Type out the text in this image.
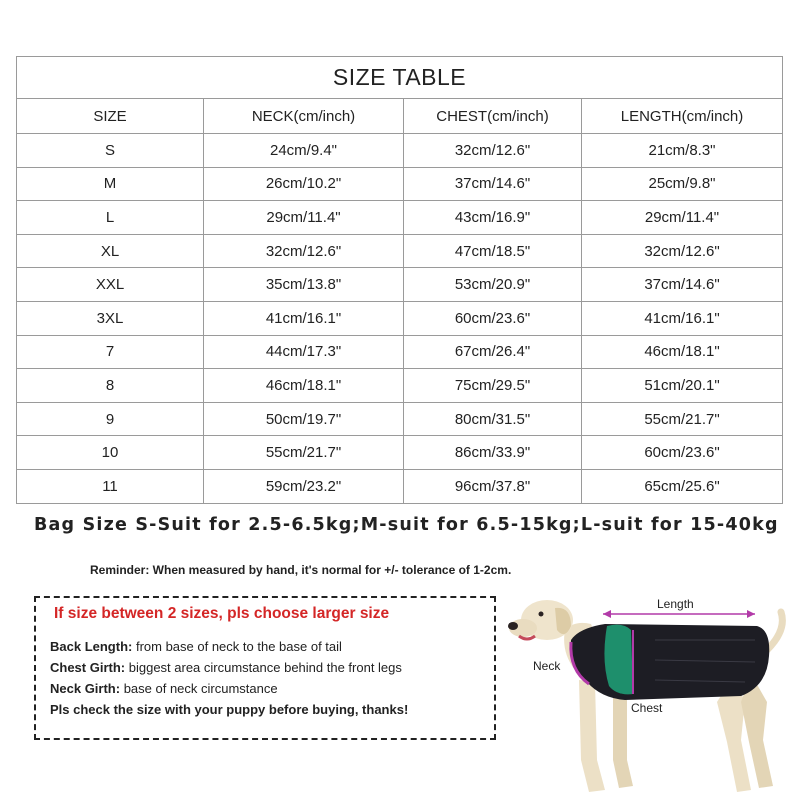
SIZE TABLE			
SIZE	NECK(cm/inch)	CHEST(cm/inch)	LENGTH(cm/inch)
S	24cm/9.4"	32cm/12.6"	21cm/8.3"
M	26cm/10.2"	37cm/14.6"	25cm/9.8"
L	29cm/11.4"	43cm/16.9"	29cm/11.4"
XL	32cm/12.6"	47cm/18.5"	32cm/12.6"
XXL	35cm/13.8"	53cm/20.9"	37cm/14.6"
3XL	41cm/16.1"	60cm/23.6"	41cm/16.1"
7	44cm/17.3"	67cm/26.4"	46cm/18.1"
8	46cm/18.1"	75cm/29.5"	51cm/20.1"
9	50cm/19.7"	80cm/31.5"	55cm/21.7"
10	55cm/21.7"	86cm/33.9"	60cm/23.6"
11	59cm/23.2"	96cm/37.8"	65cm/25.6"
Bag Size S-Suit for 2.5-6.5kg;M-suit for 6.5-15kg;L-suit for 15-40kg
Reminder: When measured by hand, it's normal for +/- tolerance of 1-2cm.
If size between 2 sizes, pls choose larger size
Back Length: from base of neck to the base of tail
Chest Girth: biggest area circumstance behind the front legs
Neck Girth: base of neck circumstance
Pls check the size with your puppy before buying, thanks!
Length
Neck
Chest
